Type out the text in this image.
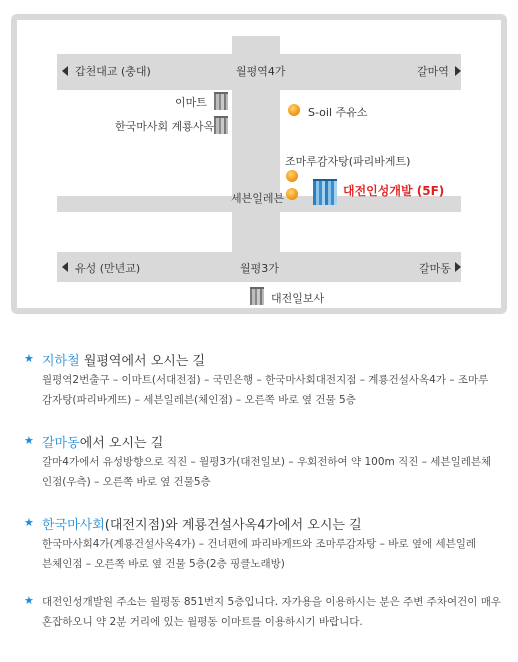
갑천대교 (충대)	월평역4가	갈마역
이마트
한국마사회 계룡사옥
S-oil 주유소
조마루감자탕(파리바게트)
세븐일레븐
대전인성개발 (5F)
유성 (만년교)	월평3가	갈마동
대전일보사
★ 지하철 월평역에서 오시는 길
월평역2번출구 – 이마트(서대전점) – 국민은행 – 한국마사회대전지점 – 계룡건설사옥4가 – 조마루
감자탕(파리바게뜨) – 세븐일레븐(체인점) – 오른쪽 바로 옆 건물 5층
★ 갈마동에서 오시는 길
갈마4가에서 유성방향으로 직진 – 월평3가(대전일보) – 우회전하여 약 100m 직진 – 세븐일레븐체
인점(우측) – 오른쪽 바로 옆 건물5층
★ 한국마사회(대전지점)와 계룡건설사옥4가에서 오시는 길
한국마사회4가(계룡건설사옥4가) – 건너편에 파리바게뜨와 조마루감자탕 – 바로 옆에 세븐일레
븐체인점 – 오른쪽 바로 옆 건물 5층(2층 핑클노래방)
★ 대전인성개발원 주소는 월평동 851번지 5층입니다. 자가용을 이용하시는 분은 주변 주차여건이 매우
혼잡하오니 약 2분 거리에 있는 월평동 이마트를 이용하시기 바랍니다.
